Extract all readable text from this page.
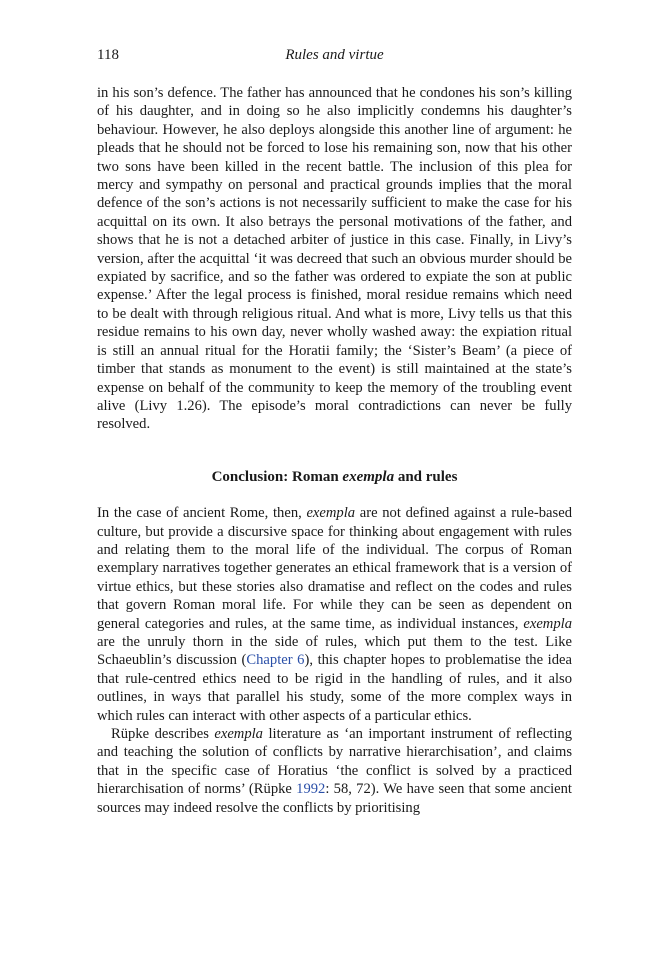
118	Rules and virtue

in his son’s defence. The father has announced that he condones his son’s killing of his daughter, and in doing so he also implicitly condemns his daughter’s behaviour. However, he also deploys alongside this another line of argument: he pleads that he should not be forced to lose his remaining son, now that his other two sons have been killed in the recent battle. The inclusion of this plea for mercy and sympathy on personal and practical grounds implies that the moral defence of the son’s actions is not necessarily sufficient to make the case for his acquittal on its own. It also betrays the personal motivations of the father, and shows that he is not a detached arbiter of justice in this case. Finally, in Livy’s version, after the acquittal ‘it was decreed that such an obvious murder should be expiated by sacrifice, and so the father was ordered to expiate the son at public expense.’ After the legal process is finished, moral residue remains which need to be dealt with through religious ritual. And what is more, Livy tells us that this residue remains to his own day, never wholly washed away: the expiation ritual is still an annual ritual for the Horatii family; the ‘Sister’s Beam’ (a piece of timber that stands as monument to the event) is still maintained at the state’s expense on behalf of the community to keep the memory of the troubling event alive (Livy 1.26). The episode’s moral contradictions can never be fully resolved.

Conclusion: Roman exempla and rules

In the case of ancient Rome, then, exempla are not defined against a rule-based culture, but provide a discursive space for thinking about engagement with rules and relating them to the moral life of the individual. The corpus of Roman exemplary narratives together generates an ethical framework that is a version of virtue ethics, but these stories also dramatise and reflect on the codes and rules that govern Roman moral life. For while they can be seen as dependent on general categories and rules, at the same time, as individual instances, exempla are the unruly thorn in the side of rules, which put them to the test. Like Schaeublin’s discussion (Chapter 6), this chapter hopes to problematise the idea that rule-centred ethics need to be rigid in the handling of rules, and it also outlines, in ways that parallel his study, some of the more complex ways in which rules can interact with other aspects of a particular ethics.

Rüpke describes exempla literature as ‘an important instrument of reflecting and teaching the solution of conflicts by narrative hierarchisation’, and claims that in the specific case of Horatius ‘the conflict is solved by a practiced hierarchisation of norms’ (Rüpke 1992: 58, 72). We have seen that some ancient sources may indeed resolve the conflicts by prioritising
